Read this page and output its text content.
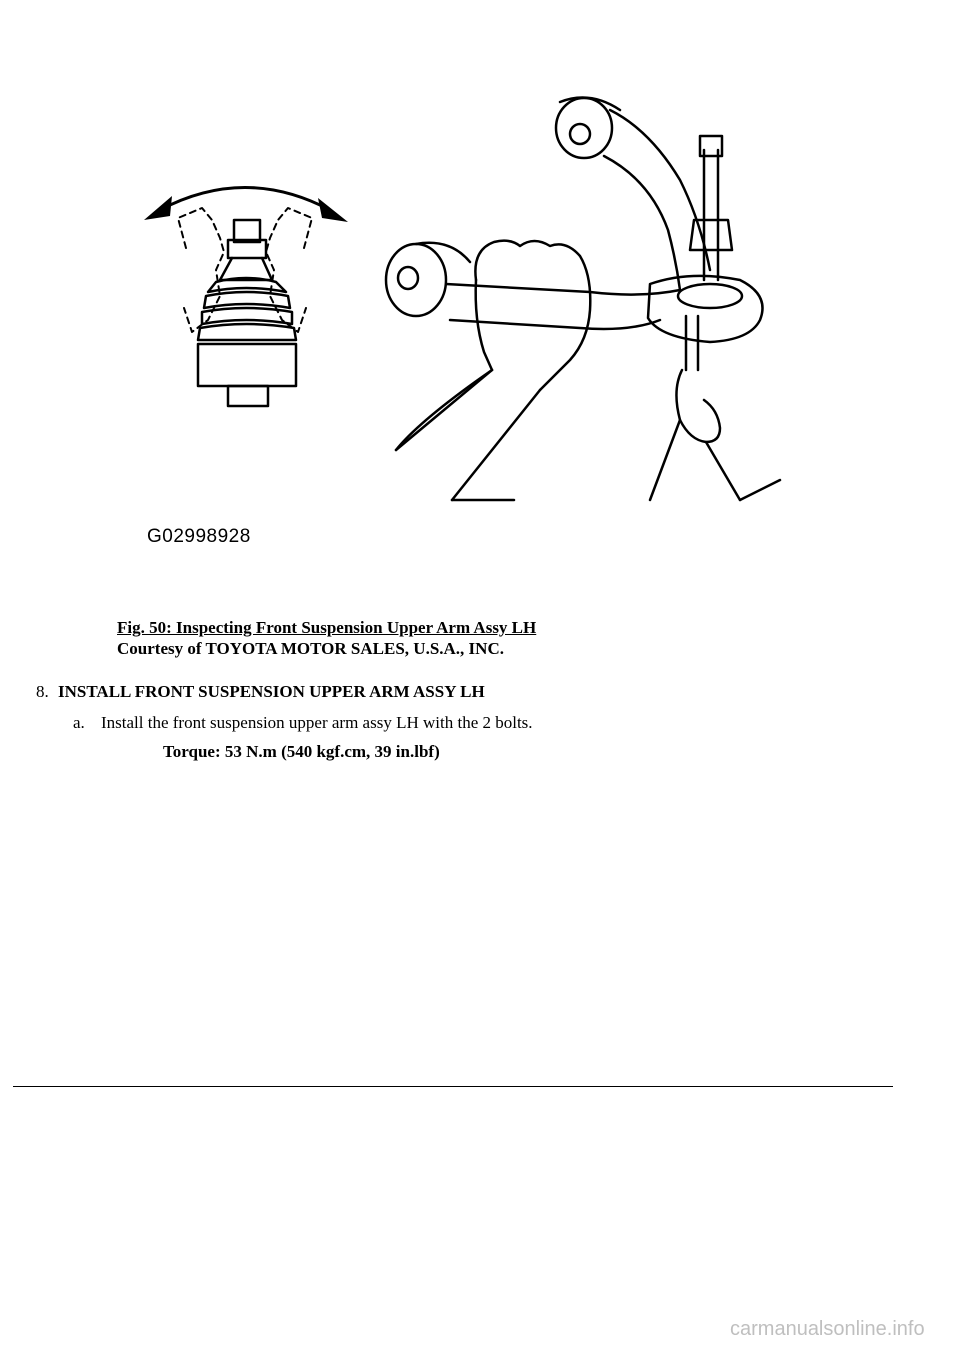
G02998928
Fig. 50: Inspecting Front Suspension Upper Arm Assy LH
Courtesy of TOYOTA MOTOR SALES, U.S.A., INC.
8. INSTALL FRONT SUSPENSION UPPER ARM ASSY LH
a. Install the front suspension upper arm assy LH with the 2 bolts.
Torque: 53 N.m (540 kgf.cm, 39 in.lbf)
carmanualsonline.info
